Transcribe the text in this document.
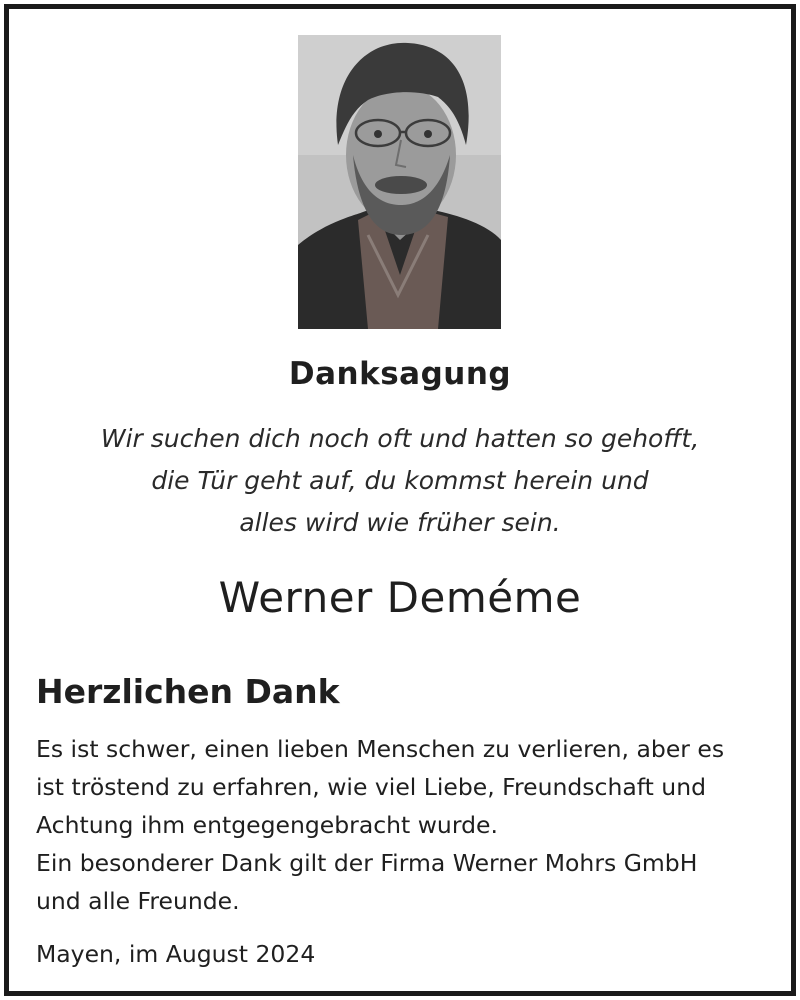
Danksagung
Wir suchen dich noch oft und hatten so gehofft,
die Tür geht auf, du kommst herein und
alles wird wie früher sein.
Werner Deméme
Herzlichen Dank
Es ist schwer, einen lieben Menschen zu verlieren, aber es
ist tröstend zu erfahren, wie viel Liebe, Freundschaft und
Achtung ihm entgegengebracht wurde.
Ein besonderer Dank gilt der Firma Werner Mohrs GmbH
und alle Freunde.
Mayen, im August 2024
